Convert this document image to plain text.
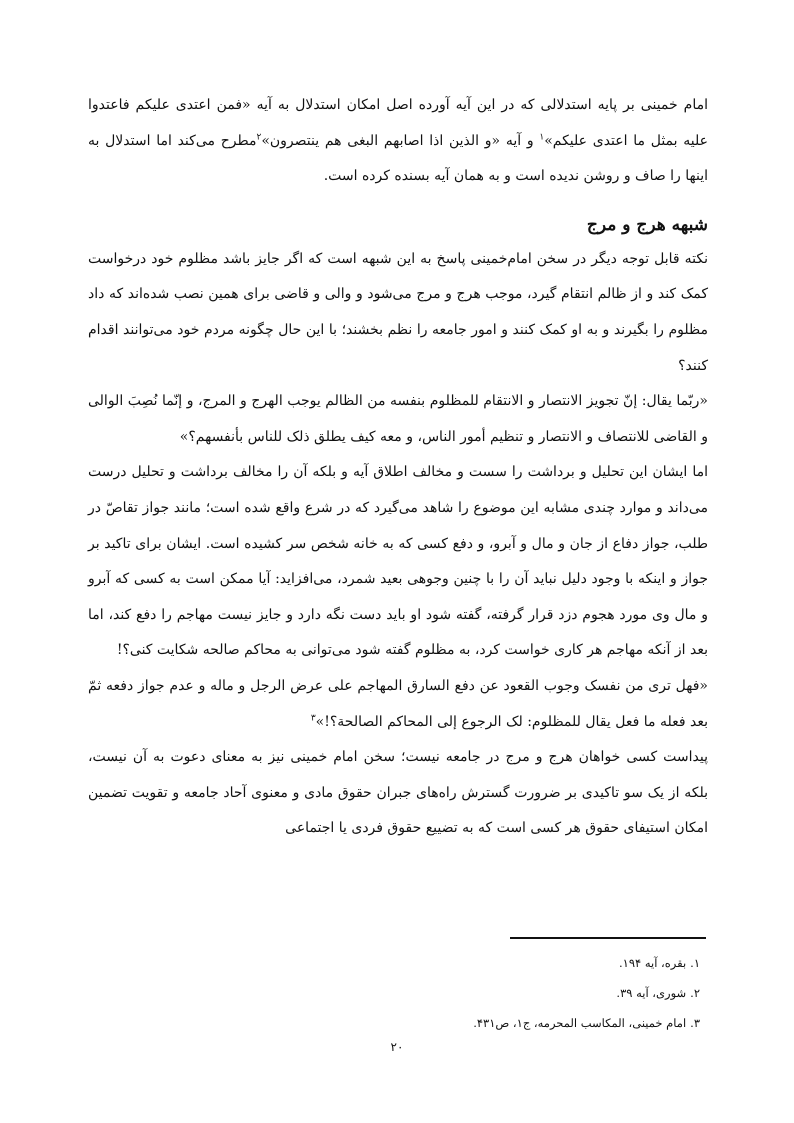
امام خمینی بر پایه استدلالی که در این آیه آورده اصل امکان استدلال به آیه «فمن اعتدی علیکم فاعتدوا علیه بمثل ما اعتدی علیکم»$^۱$ و آیه «و الذین اذا اصابهم البغی هم ینتصرون»$^۲$مطرح می‌کند اما استدلال به اینها را صاف و روشن ندیده است و به همان آیه بسنده کرده است.

شبهه هرج و مرج

نکته قابل توجه دیگر در سخن امام‌خمینی پاسخ به این شبهه است که اگر جایز باشد مظلوم خود درخواست کمک کند و از ظالم انتقام گیرد، موجب هرج و مرج می‌شود و والی و قاضی برای همین نصب شده‌اند که داد مظلوم را بگیرند و به او کمک کنند و امور جامعه را نظم بخشند؛ با این حال چگونه مردم خود می‌توانند اقدام کنند؟

«ربّما یقال: إنّ تجویز الانتصار و الانتقام للمظلوم بنفسه من الظالم یوجب الهرج و المرج، و إنّما نُصِبَ الوالی و القاضی للانتصاف و الانتصار و تنظیم أمور الناس، و معه کیف یطلق ذلک للناس بأنفسهم؟»

اما ایشان این تحلیل و برداشت را سست و مخالف اطلاق آیه و بلکه آن را مخالف برداشت و تحلیل درست می‌داند و موارد چندی مشابه این موضوع را شاهد می‌گیرد که در شرع واقع شده است؛ مانند جواز تقاصّ در طلب، جواز دفاع از جان و مال و آبرو، و دفع کسی که به خانه شخص سر کشیده است. ایشان برای تاکید بر جواز و اینکه با وجود دلیل نباید آن را با چنین وجوهی بعید شمرد، می‌افزاید: آیا ممکن است به کسی که آبرو و مال وی مورد هجوم دزد قرار گرفته، گفته شود او باید دست نگه دارد و جایز نیست مهاجم را دفع کند، اما بعد از آنکه مهاجم هر کاری خواست کرد، به مظلوم گفته شود می‌توانی به محاکم صالحه شکایت کنی؟!

«فهل تری من نفسک وجوب القعود عن دفع السارق المهاجم علی عرض الرجل و ماله و عدم جواز دفعه ثمّ بعد فعله ما فعل یقال للمظلوم: لک الرجوع إلی المحاکم الصالحة؟!»$^۳$

پیداست کسی خواهان هرج و مرج در جامعه نیست؛ سخن امام خمینی نیز به معنای دعوت به آن نیست، بلکه از یک سو تاکیدی بر ضرورت گسترش راه‌های جبران حقوق مادی و معنوی آحاد جامعه و تقویت تضمین امکان استیفای حقوق هر کسی است که به تضییع حقوق فردی یا اجتماعی

۱.بقره، آیه ۱۹۴.

۲.شوری، آیه ۳۹.

۳.امام خمینی، المکاسب المحرمه، ج۱، ص۴۳۱.

۲۰
